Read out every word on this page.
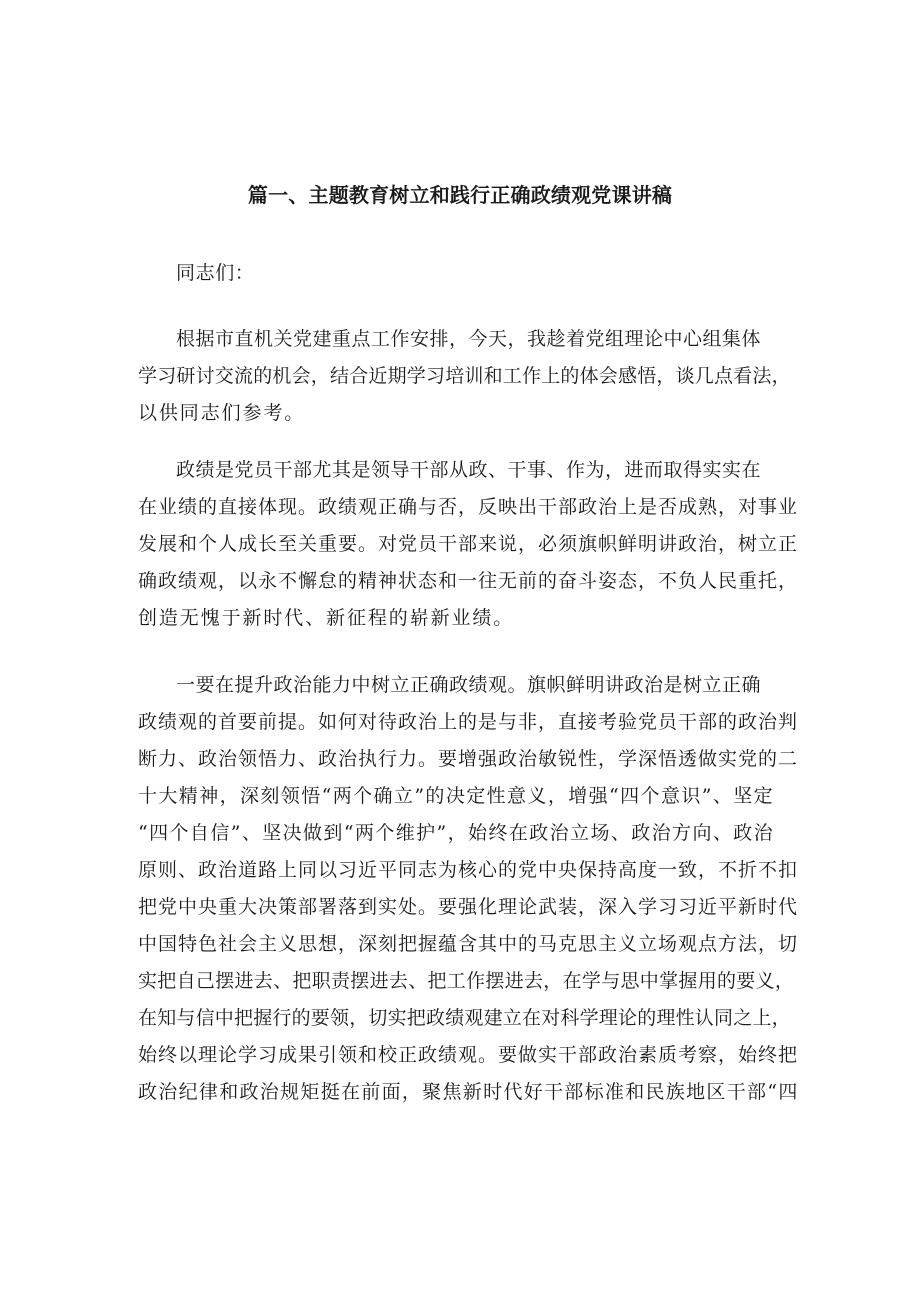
篇一、主题教育树立和践行正确政绩观党课讲稿
同志们：
根据市直机关党建重点工作安排，今天，我趁着党组理论中心组集体
学习研讨交流的机会，结合近期学习培训和工作上的体会感悟，谈几点看法，
以供同志们参考。
政绩是党员干部尤其是领导干部从政、干事、作为，进而取得实实在
在业绩的直接体现。政绩观正确与否，反映出干部政治上是否成熟，对事业
发展和个人成长至关重要。对党员干部来说，必须旗帜鲜明讲政治，树立正
确政绩观，以永不懈怠的精神状态和一往无前的奋斗姿态，不负人民重托，
创造无愧于新时代、新征程的崭新业绩。
一要在提升政治能力中树立正确政绩观。旗帜鲜明讲政治是树立正确
政绩观的首要前提。如何对待政治上的是与非，直接考验党员干部的政治判
断力、政治领悟力、政治执行力。要增强政治敏锐性，学深悟透做实党的二
十大精神，深刻领悟“两个确立”的决定性意义，增强“四个意识”、坚定
“四个自信”、坚决做到“两个维护”，始终在政治立场、政治方向、政治
原则、政治道路上同以习近平同志为核心的党中央保持高度一致，不折不扣
把党中央重大决策部署落到实处。要强化理论武装，深入学习习近平新时代
中国特色社会主义思想，深刻把握蕴含其中的马克思主义立场观点方法，切
实把自己摆进去、把职责摆进去、把工作摆进去，在学与思中掌握用的要义，
在知与信中把握行的要领，切实把政绩观建立在对科学理论的理性认同之上，
始终以理论学习成果引领和校正政绩观。要做实干部政治素质考察，始终把
政治纪律和政治规矩挺在前面，聚焦新时代好干部标准和民族地区干部“四
